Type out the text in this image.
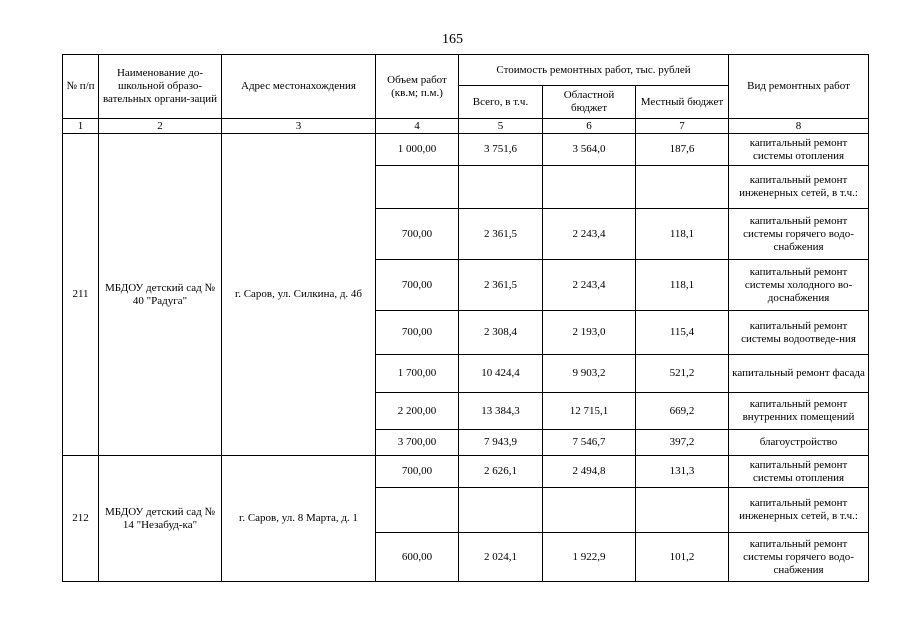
165
№ п/п	Наименование до-школьной образо-вательных органи-заций	Адрес местонахождения	Объем работ (кв.м; п.м.)	Стоимость ремонтных работ, тыс. рублей			Вид ремонтных работ
				Всего, в т.ч.	Областной бюджет	Местный бюджет	
1	2	3	4	5	6	7	8
211	МБДОУ детский сад № 40 "Радуга"	г. Саров, ул. Силкина, д. 4б	1 000,00	3 751,6	3 564,0	187,6	капитальный ремонт системы отопления
							капитальный ремонт инженерных сетей, в т.ч.:
			700,00	2 361,5	2 243,4	118,1	капитальный ремонт системы горячего водо-снабжения
			700,00	2 361,5	2 243,4	118,1	капитальный ремонт системы холодного во-доснабжения
			700,00	2 308,4	2 193,0	115,4	капитальный ремонт системы водоотведе-ния
			1 700,00	10 424,4	9 903,2	521,2	капитальный ремонт фасада
			2 200,00	13 384,3	12 715,1	669,2	капитальный ремонт внутренних помещений
			3 700,00	7 943,9	7 546,7	397,2	благоустройство
212	МБДОУ детский сад № 14 "Незабуд-ка"	г. Саров, ул. 8 Марта, д. 1	700,00	2 626,1	2 494,8	131,3	капитальный ремонт системы отопления
							капитальный ремонт инженерных сетей, в т.ч.:
			600,00	2 024,1	1 922,9	101,2	капитальный ремонт системы горячего водо-снабжения
